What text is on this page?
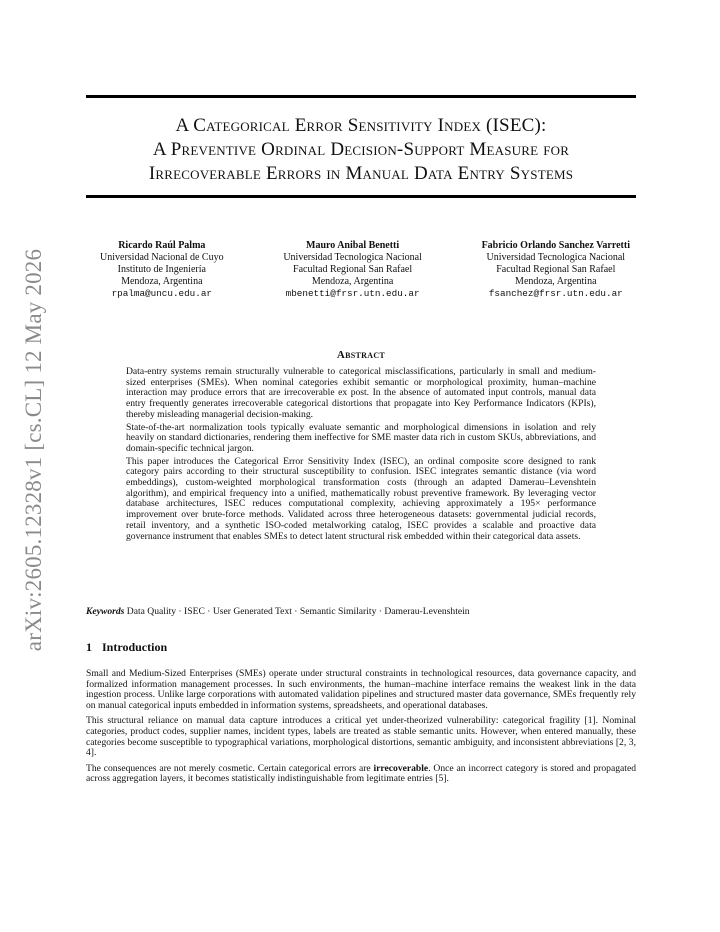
arXiv:2605.12328v1 [cs.CL] 12 May 2026
A Categorical Error Sensitivity Index (ISEC):
A Preventive Ordinal Decision-Support Measure for
Irrecoverable Errors in Manual Data Entry Systems
Ricardo Raúl Palma
Universidad Nacional de Cuyo
Instituto de Ingeniería
Mendoza, Argentina
rpalma@uncu.edu.ar
Mauro Anibal Benetti
Universidad Tecnologica Nacional
Facultad Regional San Rafael
Mendoza, Argentina
mbenetti@frsr.utn.edu.ar
Fabricio Orlando Sanchez Varretti
Universidad Tecnologica Nacional
Facultad Regional San Rafael
Mendoza, Argentina
fsanchez@frsr.utn.edu.ar
Abstract

Data-entry systems remain structurally vulnerable to categorical misclassifications, particularly in small and medium-sized enterprises (SMEs). When nominal categories exhibit semantic or morphological proximity, human–machine interaction may produce errors that are irrecoverable ex post. In the absence of automated input controls, manual data entry frequently generates irrecoverable categorical distortions that propagate into Key Performance Indicators (KPIs), thereby misleading managerial decision-making.

State-of-the-art normalization tools typically evaluate semantic and morphological dimensions in isolation and rely heavily on standard dictionaries, rendering them ineffective for SME master data rich in custom SKUs, abbreviations, and domain-specific technical jargon.

This paper introduces the Categorical Error Sensitivity Index (ISEC), an ordinal composite score designed to rank category pairs according to their structural susceptibility to confusion. ISEC integrates semantic distance (via word embeddings), custom-weighted morphological transformation costs (through an adapted Damerau–Levenshtein algorithm), and empirical frequency into a unified, mathematically robust preventive framework. By leveraging vector database architectures, ISEC reduces computational complexity, achieving approximately a 195× performance improvement over brute-force methods. Validated across three heterogeneous datasets: governmental judicial records, retail inventory, and a synthetic ISO-coded metalworking catalog, ISEC provides a scalable and proactive data governance instrument that enables SMEs to detect latent structural risk embedded within their categorical data assets.

Keywords Data Quality · ISEC · User Generated Text · Semantic Similarity · Damerau-Levenshtein
1 Introduction

Small and Medium-Sized Enterprises (SMEs) operate under structural constraints in technological resources, data governance capacity, and formalized information management processes. In such environments, the human–machine interface remains the weakest link in the data ingestion process. Unlike large corporations with automated validation pipelines and structured master data governance, SMEs frequently rely on manual categorical inputs embedded in information systems, spreadsheets, and operational databases.

This structural reliance on manual data capture introduces a critical yet under-theorized vulnerability: categorical fragility [1]. Nominal categories, product codes, supplier names, incident types, labels are treated as stable semantic units. However, when entered manually, these categories become susceptible to typographical variations, morphological distortions, semantic ambiguity, and inconsistent abbreviations [2, 3, 4].

The consequences are not merely cosmetic. Certain categorical errors are irrecoverable. Once an incorrect category is stored and propagated across aggregation layers, it becomes statistically indistinguishable from legitimate entries [5].
